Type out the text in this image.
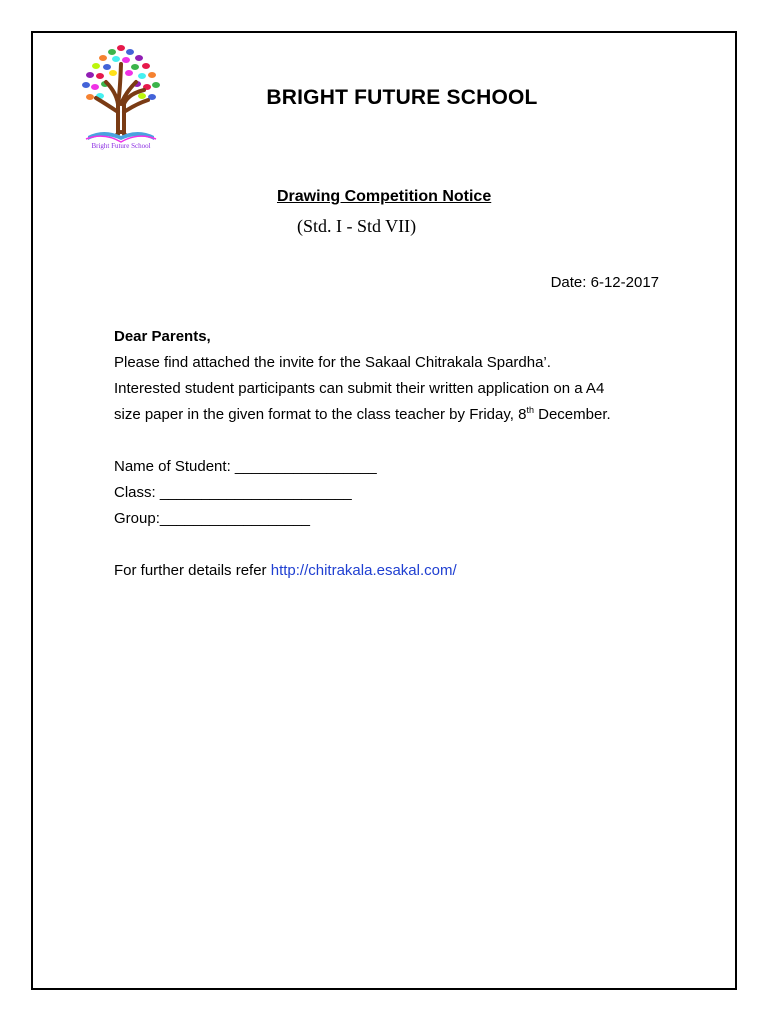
Bright Future School
BRIGHT FUTURE SCHOOL
Drawing Competition Notice
(Std. I - Std VII)
Date: 6-12-2017

Dear Parents,

Please find attached the invite for the Sakaal Chitrakala Spardha’.

Interested student participants can submit their written application on a A4

size paper in the given format to the class teacher by Friday, 8th December.

Name of Student: _________________

Class: _______________________

Group:__________________

For further details refer http://chitrakala.esakal.com/
